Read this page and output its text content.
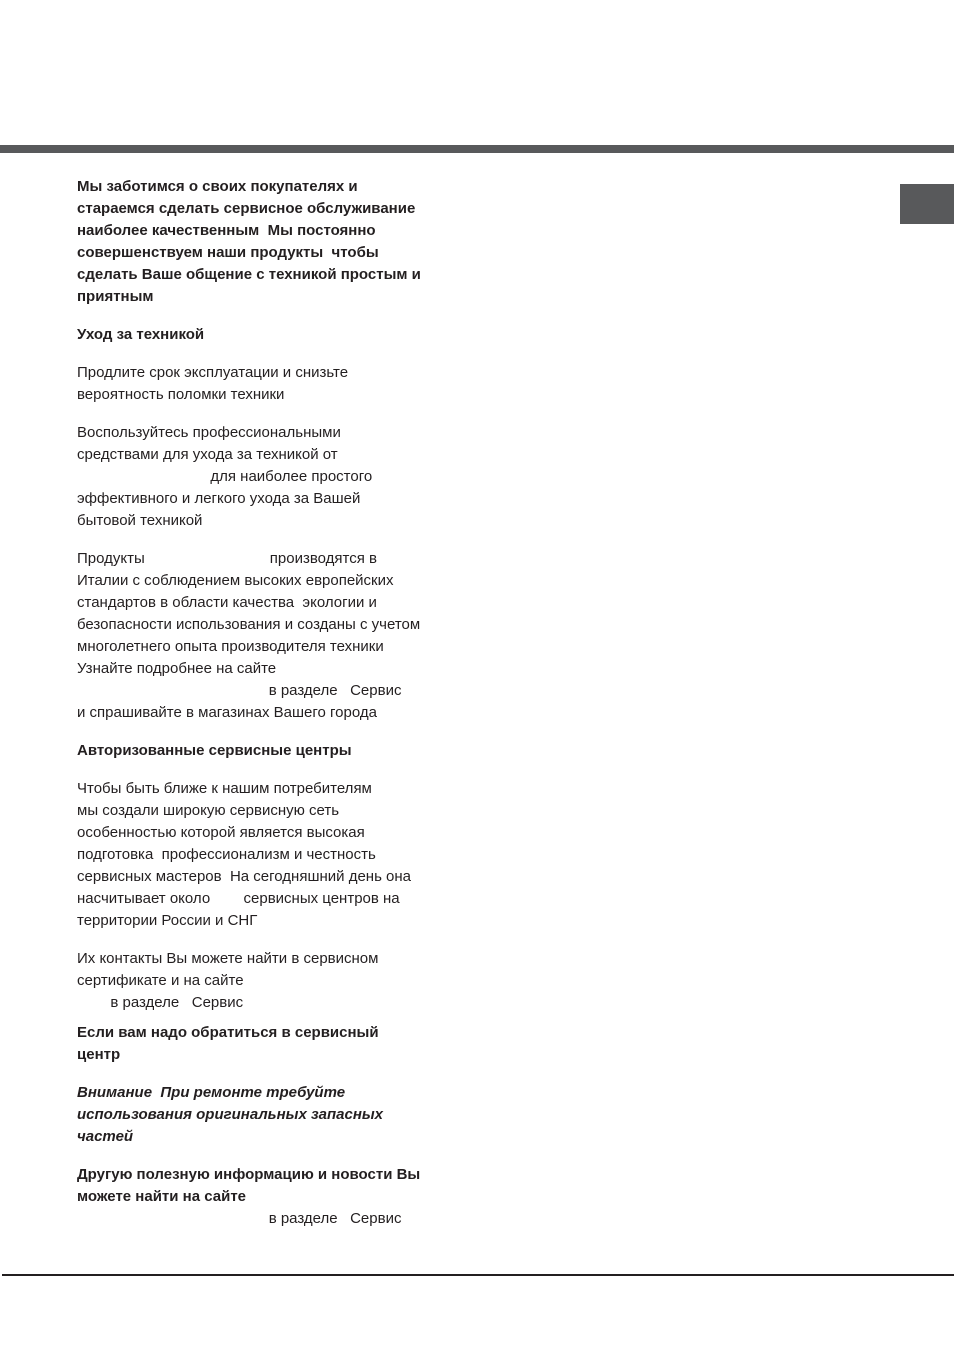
Мы заботимся о своих покупателях и
стараемся сделать сервисное обслуживание
наиболее качественным  Мы постоянно
совершенствуем наши продукты  чтобы
сделать Ваше общение с техникой простым и
приятным
Уход за техникой
Продлите срок эксплуатации и снизьте
вероятность поломки техники
Воспользуйтесь профессиональными
средствами для ухода за техникой от
для наиболее простого
эффективного и легкого ухода за Вашей
бытовой техникой
Продукты                              производятся в
Италии с соблюдением высоких европейских
стандартов в области качества  экологии и
безопасности использования и созданы с учетом
многолетнего опыта производителя техники
Узнайте подробнее на сайте
в разделе   Сервис
и спрашивайте в магазинах Вашего города
Авторизованные сервисные центры
Чтобы быть ближе к нашим потребителям
мы создали широкую сервисную сеть
особенностью которой является высокая
подготовка  профессионализм и честность
сервисных мастеров  На сегодняшний день она
насчитывает около        сервисных центров на
территории России и СНГ
Их контакты Вы можете найти в сервисном
сертификате и на сайте
в разделе   Сервис
Если вам надо обратиться в сервисный
центр
Внимание  При ремонте требуйте
использования оригинальных запасных
частей
Другую полезную информацию и новости Вы
можете найти на сайте
в разделе   Сервис
